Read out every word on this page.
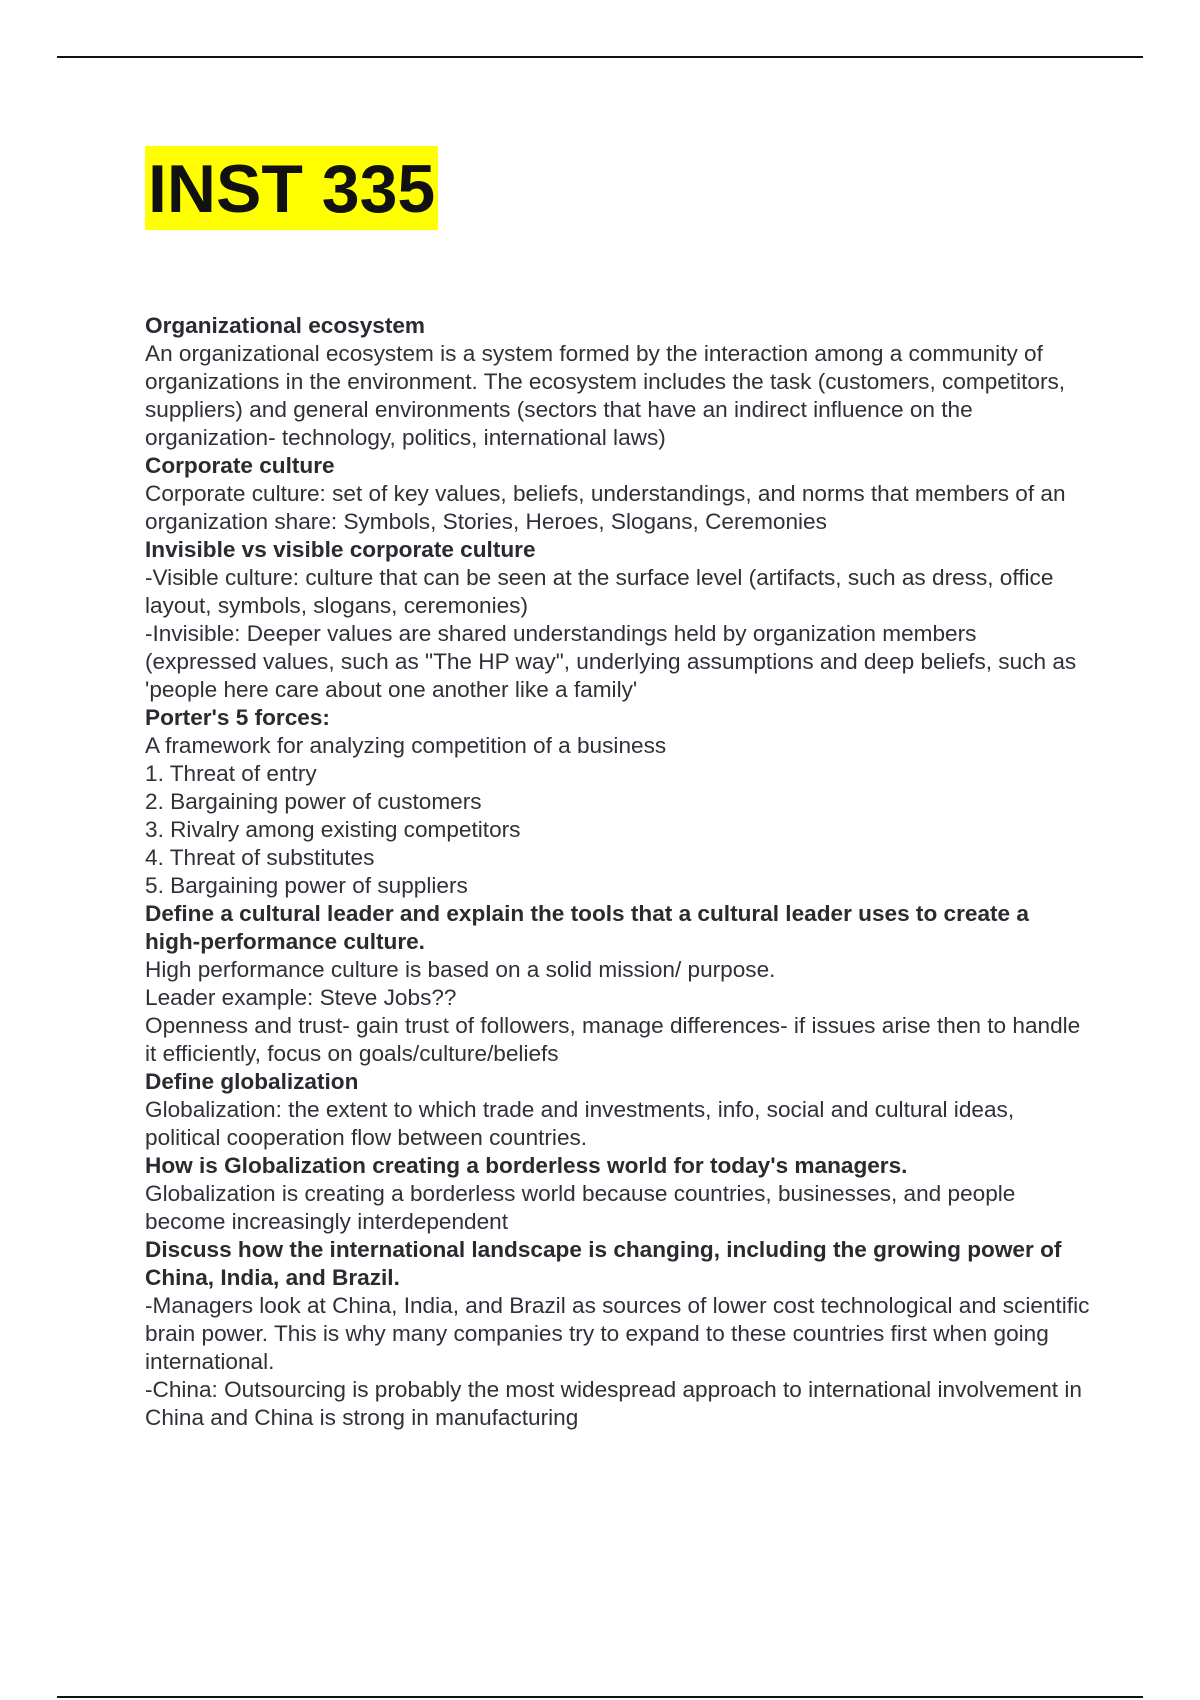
INST 335

Organizational ecosystem

An organizational ecosystem is a system formed by the interaction among a community of organizations in the environment. The ecosystem includes the task (customers, competitors, suppliers) and general environments (sectors that have an indirect influence on the organization- technology, politics, international laws)

Corporate culture

Corporate culture: set of key values, beliefs, understandings, and norms that members of an organization share: Symbols, Stories, Heroes, Slogans, Ceremonies

Invisible vs visible corporate culture

-Visible culture: culture that can be seen at the surface level (artifacts, such as dress, office layout, symbols, slogans, ceremonies)

-Invisible: Deeper values are shared understandings held by organization members (expressed values, such as "The HP way", underlying assumptions and deep beliefs, such as 'people here care about one another like a family'

Porter's 5 forces:

A framework for analyzing competition of a business

1. Threat of entry
2. Bargaining power of customers
3. Rivalry among existing competitors
4. Threat of substitutes
5. Bargaining power of suppliers

Define a cultural leader and explain the tools that a cultural leader uses to create a high-performance culture.

High performance culture is based on a solid mission/ purpose.

Leader example: Steve Jobs??

Openness and trust- gain trust of followers, manage differences- if issues arise then to handle it efficiently, focus on goals/culture/beliefs

Define globalization

Globalization: the extent to which trade and investments, info, social and cultural ideas, political cooperation flow between countries.

How is Globalization creating a borderless world for today's managers.

Globalization is creating a borderless world because countries, businesses, and people become increasingly interdependent

Discuss how the international landscape is changing, including the growing power of China, India, and Brazil.

-Managers look at China, India, and Brazil as sources of lower cost technological and scientific brain power. This is why many companies try to expand to these countries first when going international.

-China: Outsourcing is probably the most widespread approach to international involvement in China and China is strong in manufacturing
